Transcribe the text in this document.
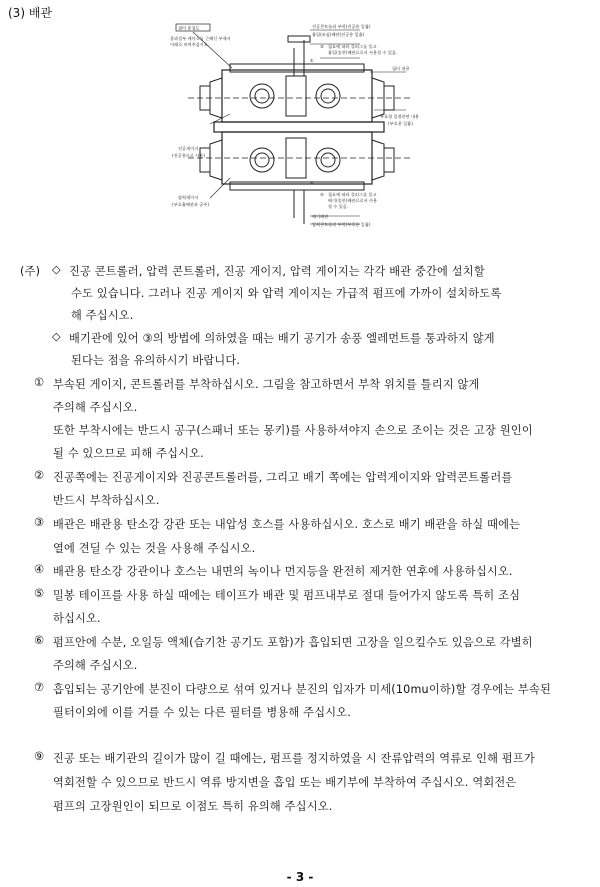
(3) 배관
필터 종검도
종과설부 케이스를 근해신 부재서
이래로 보여주십시오.
진공콘트롤러 부착(진공용 일흄)
흡입(조심)배관(진공용 일흄)
③ 필요에 따라 플러그를 풀고
흡입(송풍)배관으로서 사용할 수 있음.
필터 내용
부호형 일정관련 내용
(부호용 일흄)
진공게이지
(진공용으로 사용)
압력게이지
(부호흡배관과 공주)
③ 필요에 따라 플러그를 풀고
배기(송풍)배관으로서 사용
할 수 있음.
배기배관
압력콘트롤러 부착(부호용 일흄)
①
②
(주) ◇ 진공 콘트롤러, 압력 콘트롤러, 진공 게이지, 압력 게이지는 각각 배관 중간에 설치할
수도 있습니다. 그러나 진공 게이지 와 압력 게이지는 가급적 펌프에 가까이 설치하도록
해 주십시오.
◇ 배기관에 있어 ③의 방법에 의하였을 때는 배기 공기가 송풍 엘레먼트를 통과하지 않게
된다는 점을 유의하시기 바랍니다.
① 부속된 게이지, 콘트롤러를 부착하십시오. 그림을 참고하면서 부착 위치를 틀리지 않게
주의해 주십시오.
또한 부착시에는 반드시 공구(스패너 또는 몽키)를 사용하셔야지 손으로 조이는 것은 고장 원인이
될 수 있으므로 피해 주십시오.
② 진공쪽에는 진공게이지와 진공콘트롤러를, 그리고 배기 쪽에는 압력게이지와 압력콘트롤러를
반드시 부착하십시오.
③ 배관은 배관용 탄소강 강관 또는 내압성 호스를 사용하십시오. 호스로 배기 배관을 하실 때에는
열에 견딜 수 있는 것을 사용해 주십시오.
④ 배관용 탄소강 강관이나 호스는 내면의 녹이나 먼지등을 완전히 제거한 연후에 사용하십시오.
⑤ 밀봉 테이프를 사용 하실 때에는 테이프가 배관 및 펌프내부로 절대 들어가지 않도록 특히 조심
하십시오.
⑥ 펌프안에 수분, 오일등 액체(습기찬 공기도 포함)가 흡입되면 고장을 일으킬수도 있음으로 각별히
주의해 주십시오.
⑦ 흡입되는 공기안에 분진이 다량으로 섞여 있거나 분진의 입자가 미세(10mu이하)할 경우에는 부속된
필터이외에 이를 거를 수 있는 다른 필터를 병용해 주십시오.
⑨ 진공 또는 배기관의 길이가 많이 길 때에는, 펌프를 정지하였을 시 잔류압력의 역류로 인해 펌프가
역회전할 수 있으므로 반드시 역류 방지변을 흡입 또는 배기부에 부착하여 주십시오. 역회전은
펌프의 고장원인이 되므로 이점도 특히 유의해 주십시오.
- 3 -
